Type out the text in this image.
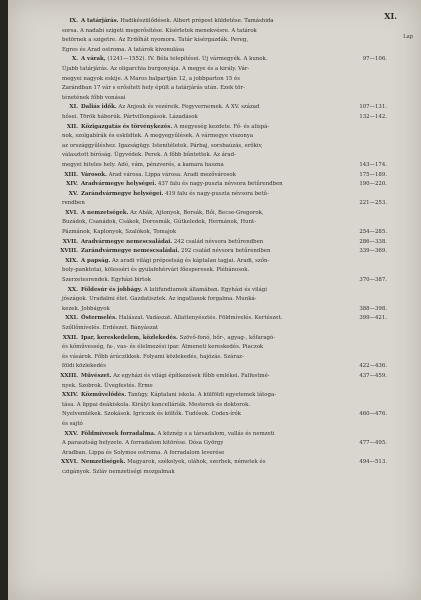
XI.
Lap
IX. A tatárjárás. Hadikészülődések. Albert prépost küldetése. Tamáshida
sorsa. A nadabi szigeti megerősítése. Kísérletek menekvésre. A tatárok
betörnek a szigetre. Az Erdőhát nyomora. Tatár kísérgazdák. Pereg,
Egres és Arad ostroma. A tatárok kivonulása
X. A várak, (1241—1552). IV. Béla telepítései. Új vármegyék. A kunok.	97—106.
Újabb tatárjárás. Az oligarchia burgonyája. A megye és a király. Vár-
megyei nagyok eskije. A Maros balpartján 12, a jobbparton 15 és
Zarándban 17 vár s erősített hely épült a tatárjárás után. Ezek tör-
ténetének főbb vonásai
XI. Daliás idők. Az Anjouk és vezéreik. Fegyvernemek. A XV. század	107—131.
hősei. Török háborúk. Pártvillongások. Lázadások	132—142.
XII. Közigazgatás és törvénykezés. A megyeség kezdete. Fő- és alispá-
nok, szolgabírák és esküdtek. A megyegyűlések. A vármegye viszonya
az országgyűléshez. Igazságügy. Istenítéletek. Párbaj, sorsbaúzás, erőkiv,
választott bíróság. Ügyvédek. Perek. A főbb bűntettek. Az árad-
megyei hiteles hely. Adó, vám, pénzverés, a kamara haszna	143—174.
XIII. Városok. Arad városa. Lippa városa. Aradi mezővárosok	175—189.
XIV. Aradvármegye helységei. 437 falu és nagy-puszta névsora betűrendben	190—220.
XV. Zarándvármegye helységei. 419 falu és nagy-puszta névsora betű-
rendben	221—253.
XVI. A nemzetségek. Az Abák, Ajtonyok, Borsák, Bői, Becse-Gregorok,
Buzádok, Csanádok, Csákok, Dorosmák, Gútkeledek, Hermánok, Hunt-
Pázmánok, Kaplonyok, Szalókok, Tomajok	254—285.
XVII. Aradvármegye nemescsaládai. 242 család névsora betűrendben	286—338.
XVIII. Zarándvármegye nemescsaládai. 292 család névsora betűrendben	339—369.
XIX. A papság. Az aradi világi prépostság és káptalan tagjai. Aradi, szőn-
boly-panktotai, kölesséri és gyulafehérvári főesperesek. Plébánosok.
Szerzetesrendek. Egyházi birtok	370—387.
XX. Földesúr és jobbágy. A latifundiumok államában. Egyházi és világi
jószágok. Uradalmi élet. Gazdatisztek. Az ingatlanok forgalma. Munká-
kezek. Jobbágyok	388—398.
XXI. Őstermelés. Halászat. Vadászat. Állattenyésztés. Földmívelés. Kertészet.	399—421.
Szőllőmívelés. Erdészet. Bányászat
XXII. Ipar, kereskedelem, közlekedés. Szövő-fonó, bőr-, agyag-, kőfaragó-
és kőművesség, fa-, vas- és élelmezési ipar. Átmeneti kereskedés. Piaczok
és vásárok. Főbb árúczikkek. Folyami közlekedés, hajózás. Száraz-
földi közlekedés	422—436.
XXIII. Művészet. Az egyházi és világi építkezések főbb emlékei. Falfestmé-	437—459.
nyek. Szobrok. Üvegfestés. Érme
XXIV. Közművelődés. Tanügy. Káptalani iskola. A külföldi egyetemek látoga-
tása. A lippai deákiskola. Királyi kancelláriák. Mesterek és doktorok.
Nyelvemlékek. Szokások. Igriczek és költők. Tudósok. Codex-írók	460—476.
és sajtó
XXV. Földmívesek forradalma. A köznép s a társadalom, vallás és nemzeti
A parasztság helyzete. A forradalom kitörése. Dósa György	477—495.
Aradban. Lippa és Solymos ostroma. A forradalom leverése
XXVI. Nemzetiségek. Magyarok, székelyek, oláhok, szerbek, németek és	494—513.
czigányok. Szláv nemzetiségi mozgalmak
